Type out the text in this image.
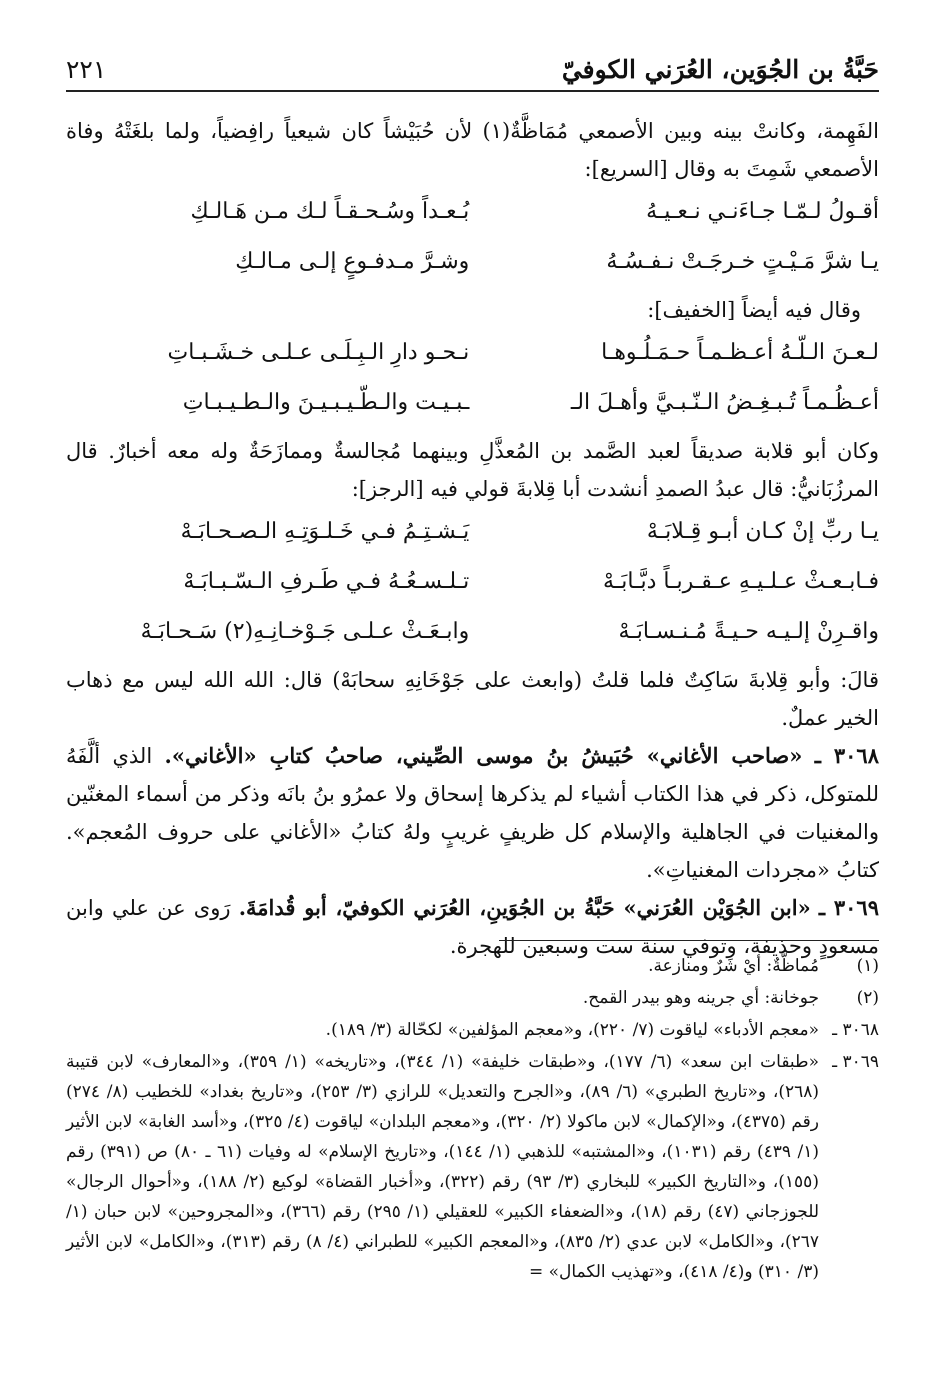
حَبَّةُ بن الجُوَين، العُرَني الكوفيّ
٢٢١

الفَهِمة، وكانتْ بينه وبين الأصمعي مُمَاظَّةٌ(١) لأن حُبَيْشاً كان شيعياً رافِضياً، ولما بلغَتْهُ وفاة الأصمعي شَمِتَ به وقال [السريع]:

أقـولُ لـمّـا جـاءَنـي نـعـيـهُ
بُـعـداً وسُـحـقـاً لـك مـن هَـالـكِ
يـا شرَّ مَـيْـتٍ خـرجَـتْ نـفـسُـهُ
وشـرَّ مـدفـوعٍ إلـى مـالـكِ

وقال فيه أيضاً [الخفيف]:

لـعـنَ الـلّـهُ أعـظـمـاً حـمَـلُـوهـا
نـحـو دارِ الـبِـلَـى عـلـى خـشَـبـاتِ
أعـظُـمـاً تُـبـغِـضُ الـنّـبـيَّ وأهـلَ الـ
ـبـيـت والـطّـيـبـيـنَ والـطـيـبـاتِ

وكان أبو قلابة صديقاً لعبد الصَّمد بن المُعذَّلِ وبينهما مُجالسةٌ وممازَحَةٌ وله معه أخبارٌ. قال المرزُبَانيُّ: قال عبدُ الصمدِ أنشدت أبا قِلابةَ قولي فيه [الرجز]:

يـا ربِّ إنْ كـان أبـو قِـلابَـهْ
يَـشـتِـمُ فـي خَـلـوَتِـهِ الـصـحـابَـهْ
فـابـعـثْ عـلـيـهِ عـقـربـاً دبَّـابَـهْ
تـلـسـعُـهُ فـي طَـرفِ الـسّـبـابَـهْ
واقـرِنْ إلـيـه حـيـةً مُـنـسـابَـهْ
وابـعَـثْ عـلـى جَـوْخـانِـهِ(٢) سَـحـابَـهْ

قالَ: وأبو قِلابةَ سَاكِتٌ فلما قلتُ (وابعث على جَوْخَانِهِ سحابَهْ) قال: الله الله ليس مع ذهاب الخير عملٌ.

٣٠٦٨ ـ «صاحب الأغاني» حُبَيشُ بنُ موسى الصِّيني، صاحبُ كتابِ «الأغاني». الذي ألَّفَهُ للمتوكل، ذكر في هذا الكتاب أشياء لم يذكرها إسحاق ولا عمرُو بنُ بانَه وذكر من أسماء المغنّين والمغنيات في الجاهلية والإسلام كل ظريفٍ غريبٍ ولهُ كتابُ «الأغاني على حروف المُعجم». كتابُ «مجردات المغنياتِ».

٣٠٦٩ ـ «ابن الجُوَيْن العُرَني» حَبَّةُ بن الجُوَينِ، العُرَني الكوفيّ، أبو قُدامَةَ. رَوى عن علي وابن مسعودٍ وحذيفة، وتوفي سنة ست وسبعين للهجرة.

(١)
مُماظَّةٌ: أيْ شَرٌ ومنازعة.
(٢)
جوخانة: أي جرينه وهو بيدر القمح.
٣٠٦٨ ـ
«معجم الأدباء» لياقوت (٧/ ٢٢٠)، و«معجم المؤلفين» لكحّالة (٣/ ١٨٩).
٣٠٦٩ ـ
«طبقات ابن سعد» (٦/ ١٧٧)، و«طبقات خليفة» (١/ ٣٤٤)، و«تاريخه» (١/ ٣٥٩)، و«المعارف» لابن قتيبة (٢٦٨)، و«تاريخ الطبري» (٦/ ٨٩)، و«الجرح والتعديل» للرازي (٣/ ٢٥٣)، و«تاريخ بغداد» للخطيب (٨/ ٢٧٤) رقم (٤٣٧٥)، و«الإكمال» لابن ماكولا (٢/ ٣٢٠)، و«معجم البلدان» لياقوت (٤/ ٣٢٥)، و«أسد الغابة» لابن الأثير (١/ ٤٣٩) رقم (١٠٣١)، و«المشتبه» للذهبي (١/ ١٤٤)، و«تاريخ الإسلام» له وفيات (٦١ ـ ٨٠) ص (٣٩١) رقم (١٥٥)، و«التاريخ الكبير» للبخاري (٣/ ٩٣) رقم (٣٢٢)، و«أخبار القضاة» لوكيع (٢/ ١٨٨)، و«أحوال الرجال» للجوزجاني (٤٧) رقم (١٨)، و«الضعفاء الكبير» للعقيلي (١/ ٢٩٥) رقم (٣٦٦)، و«المجروحين» لابن حبان (١/ ٢٦٧)، و«الكامل» لابن عدي (٢/ ٨٣٥)، و«المعجم الكبير» للطبراني (٤/ ٨) رقم (٣١٣)، و«الكامل» لابن الأثير (٣/ ٣١٠) و(٤/ ٤١٨)، و«تهذيب الكمال» =
